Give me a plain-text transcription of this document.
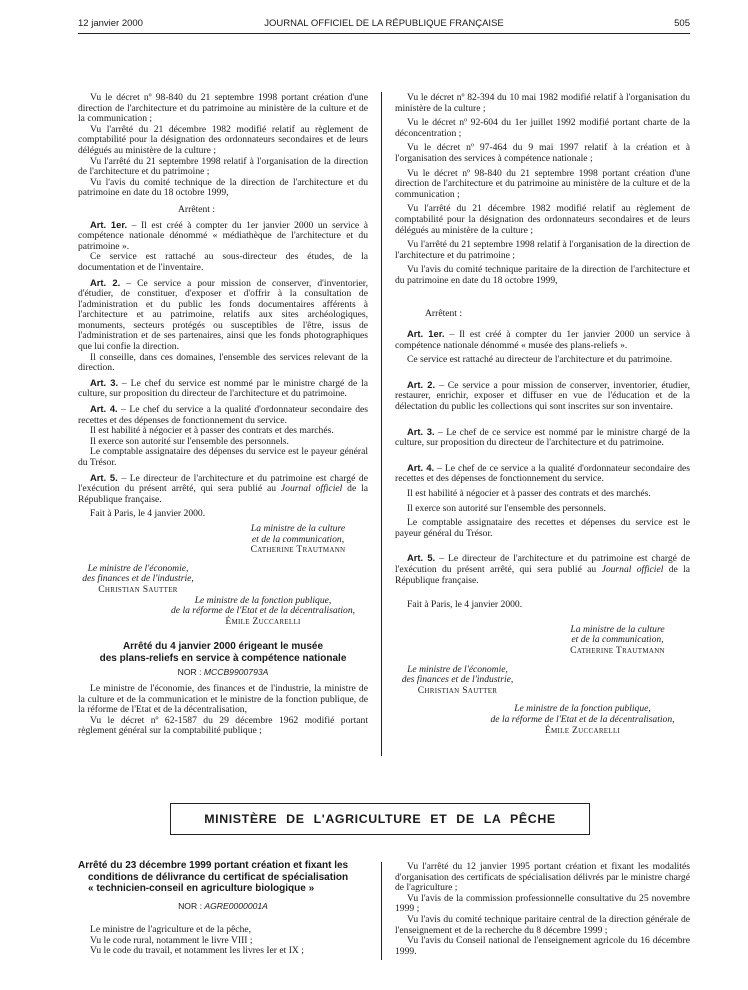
12 janvier 2000	JOURNAL OFFICIEL DE LA RÉPUBLIQUE FRANÇAISE	505

Vu le décret nº 98-840 du 21 septembre 1998 portant création d'une direction de l'architecture et du patrimoine au ministère de la culture et de la communication ;

Vu l'arrêté du 21 décembre 1982 modifié relatif au règlement de comptabilité pour la désignation des ordonnateurs secondaires et de leurs délégués au ministère de la culture ;

Vu l'arrêté du 21 septembre 1998 relatif à l'organisation de la direction de l'architecture et du patrimoine ;

Vu l'avis du comité technique de la direction de l'architecture et du patrimoine en date du 18 octobre 1999,

Arrêtent :

Art. 1er. – Il est créé à compter du 1er janvier 2000 un service à compétence nationale dénommé « médiathèque de l'architecture et du patrimoine ».

Ce service est rattaché au sous-directeur des études, de la documentation et de l'inventaire.

Art. 2. – Ce service a pour mission de conserver, d'inventorier, d'étudier, de constituer, d'exposer et d'offrir à la consultation de l'administration et du public les fonds documentaires afférents à l'architecture et au patrimoine, relatifs aux sites archéologiques, monuments, secteurs protégés ou susceptibles de l'être, issus de l'administration et de ses partenaires, ainsi que les fonds photographiques que lui confie la direction.

Il conseille, dans ces domaines, l'ensemble des services relevant de la direction.

Art. 3. – Le chef du service est nommé par le ministre chargé de la culture, sur proposition du directeur de l'architecture et du patrimoine.

Art. 4. – Le chef du service a la qualité d'ordonnateur secondaire des recettes et des dépenses de fonctionnement du service.

Il est habilité à négocier et à passer des contrats et des marchés.

Il exerce son autorité sur l'ensemble des personnels.

Le comptable assignataire des dépenses du service est le payeur général du Trésor.

Art. 5. – Le directeur de l'architecture et du patrimoine est chargé de l'exécution du présent arrêté, qui sera publié au Journal officiel de la République française.

Fait à Paris, le 4 janvier 2000.

La ministre de la culture
et de la communication,
Catherine Trautmann
Le ministre de l'économie,
des finances et de l'industrie,
Christian Sautter
Le ministre de la fonction publique,
de la réforme de l'Etat et de la décentralisation,
Émile Zuccarelli
Arrêté du 4 janvier 2000 érigeant le musée
des plans-reliefs en service à compétence nationale
NOR : MCCB9900793A

Le ministre de l'économie, des finances et de l'industrie, la ministre de la culture et de la communication et le ministre de la fonction publique, de la réforme de l'Etat et de la décentralisation,

Vu le décret nº 62-1587 du 29 décembre 1962 modifié portant règlement général sur la comptabilité publique ;

Vu le décret nº 82-394 du 10 mai 1982 modifié relatif à l'organisation du ministère de la culture ;

Vu le décret nº 92-604 du 1er juillet 1992 modifié portant charte de la déconcentration ;

Vu le décret nº 97-464 du 9 mai 1997 relatif à la création et à l'organisation des services à compétence nationale ;

Vu le décret nº 98-840 du 21 septembre 1998 portant création d'une direction de l'architecture et du patrimoine au ministère de la culture et de la communication ;

Vu l'arrêté du 21 décembre 1982 modifié relatif au règlement de comptabilité pour la désignation des ordonnateurs secondaires et de leurs délégués au ministère de la culture ;

Vu l'arrêté du 21 septembre 1998 relatif à l'organisation de la direction de l'architecture et du patrimoine ;

Vu l'avis du comité technique paritaire de la direction de l'architecture et du patrimoine en date du 18 octobre 1999,

Arrêtent :

Art. 1er. – Il est créé à compter du 1er janvier 2000 un service à compétence nationale dénommé « musée des plans-reliefs ».

Ce service est rattaché au directeur de l'architecture et du patrimoine.

Art. 2. – Ce service a pour mission de conserver, inventorier, étudier, restaurer, enrichir, exposer et diffuser en vue de l'éducation et de la délectation du public les collections qui sont inscrites sur son inventaire.

Art. 3. – Le chef de ce service est nommé par le ministre chargé de la culture, sur proposition du directeur de l'architecture et du patrimoine.

Art. 4. – Le chef de ce service a la qualité d'ordonnateur secondaire des recettes et des dépenses de fonctionnement du service.

Il est habilité à négocier et à passer des contrats et des marchés.

Il exerce son autorité sur l'ensemble des personnels.

Le comptable assignataire des recettes et dépenses du service est le payeur général du Trésor.

Art. 5. – Le directeur de l'architecture et du patrimoine est chargé de l'exécution du présent arrêté, qui sera publié au Journal officiel de la République française.

Fait à Paris, le 4 janvier 2000.

La ministre de la culture
et de la communication,
Catherine Trautmann
Le ministre de l'économie,
des finances et de l'industrie,
Christian Sautter
Le ministre de la fonction publique,
de la réforme de l'Etat et de la décentralisation,
Émile Zuccarelli
MINISTÈRE DE L'AGRICULTURE ET DE LA PÊCHE
Arrêté du 23 décembre 1999 portant création et fixant les
conditions de délivrance du certificat de spécialisation
« technicien-conseil en agriculture biologique »
NOR : AGRE0000001A

Le ministre de l'agriculture et de la pêche,

Vu le code rural, notamment le livre VIII ;

Vu le code du travail, et notamment les livres Ier et IX ;

Vu l'arrêté du 12 janvier 1995 portant création et fixant les modalités d'organisation des certificats de spécialisation délivrés par le ministre chargé de l'agriculture ;

Vu l'avis de la commission professionnelle consultative du 25 novembre 1999 ;

Vu l'avis du comité technique paritaire central de la direction générale de l'enseignement et de la recherche du 8 décembre 1999 ;

Vu l'avis du Conseil national de l'enseignement agricole du 16 décembre 1999.
